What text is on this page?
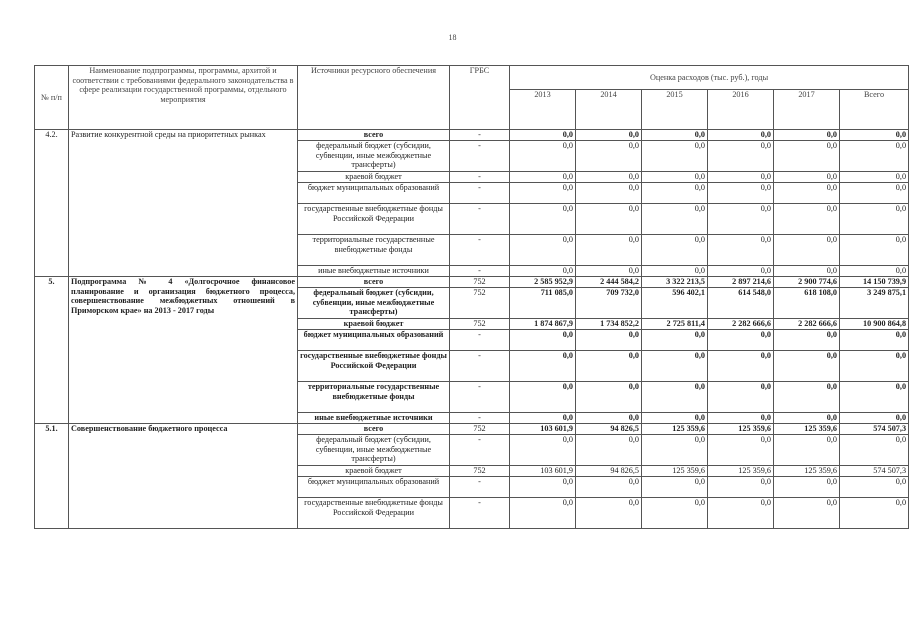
18
№ п/п	Наименование подпрограммы, программы, архитой и соответствии с требованиями федерального законодательства в сфере реализации государственной программы, отдельного мероприятия	Источники ресурсного обеспечения	ГРБС	Оценка расходов (тыс. руб.), годы					
				2013	2014	2015	2016	2017	Всего
4.2.	Развитие конкурентной среды на приоритетных рынках	всего	-	0,0	0,0	0,0	0,0	0,0	0,0
		федеральный бюджет (субсидии, субвенции, иные межбюджетные трансферты)	-	0,0	0,0	0,0	0,0	0,0	0,0
		краевой бюджет	-	0,0	0,0	0,0	0,0	0,0	0,0
		бюджет муниципальных образований	-	0,0	0,0	0,0	0,0	0,0	0,0
		государственные внебюджетные фонды Российской Федерации	-	0,0	0,0	0,0	0,0	0,0	0,0
		территориальные государственные внебюджетные фонды	-	0,0	0,0	0,0	0,0	0,0	0,0
		иные внебюджетные источники	-	0,0	0,0	0,0	0,0	0,0	0,0
5.	Подпрограмма № 4 «Долгосрочное финансовое планирование и организация бюджетного процесса, совершенствование межбюджетных отношений в Приморском крае» на 2013 - 2017 годы	всего	752	2 585 952,9	2 444 584,2	3 322 213,5	2 897 214,6	2 900 774,6	14 150 739,9
		федеральный бюджет (субсидии, субвенции, иные межбюджетные трансферты)	752	711 085,0	709 732,0	596 402,1	614 548,0	618 108,0	3 249 875,1
		краевой бюджет	752	1 874 867,9	1 734 852,2	2 725 811,4	2 282 666,6	2 282 666,6	10 900 864,8
		бюджет муниципальных образований	-	0,0	0,0	0,0	0,0	0,0	0,0
		государственные внебюджетные фонды Российской Федерации	-	0,0	0,0	0,0	0,0	0,0	0,0
		территориальные государственные внебюджетные фонды	-	0,0	0,0	0,0	0,0	0,0	0,0
		иные внебюджетные источники	-	0,0	0,0	0,0	0,0	0,0	0,0
5.1.	Совершенствование бюджетного процесса	всего	752	103 601,9	94 826,5	125 359,6	125 359,6	125 359,6	574 507,3
		федеральный бюджет (субсидии, субвенции, иные межбюджетные трансферты)	-	0,0	0,0	0,0	0,0	0,0	0,0
		краевой бюджет	752	103 601,9	94 826,5	125 359,6	125 359,6	125 359,6	574 507,3
		бюджет муниципальных образований	-	0,0	0,0	0,0	0,0	0,0	0,0
		государственные внебюджетные фонды Российской Федерации	-	0,0	0,0	0,0	0,0	0,0	0,0
